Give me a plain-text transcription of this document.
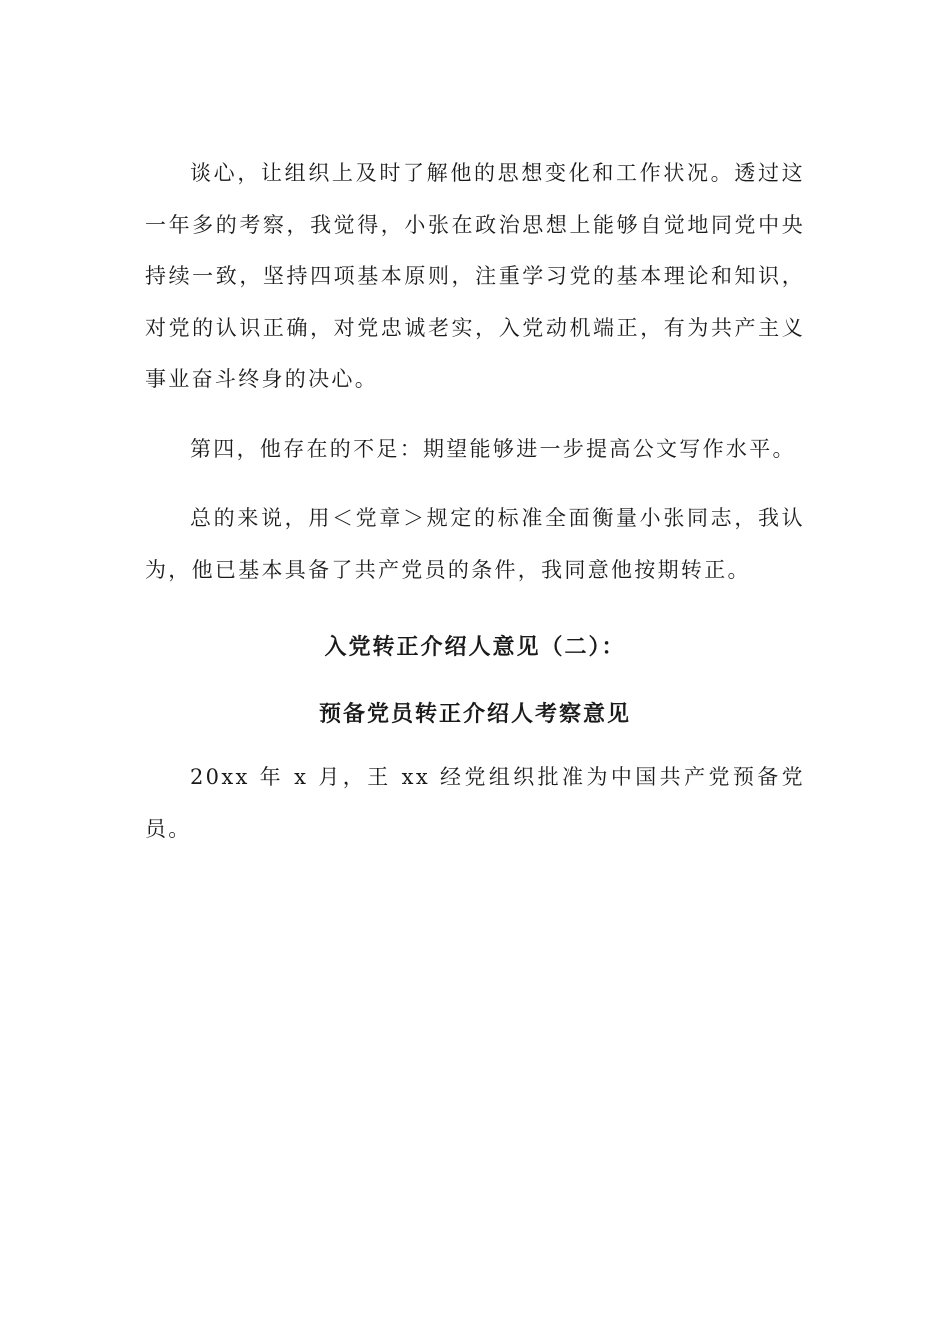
谈心，让组织上及时了解他的思想变化和工作状况。透过这一年多的考察，我觉得，小张在政治思想上能够自觉地同党中央持续一致，坚持四项基本原则，注重学习党的基本理论和知识，对党的认识正确，对党忠诚老实，入党动机端正，有为共产主义事业奋斗终身的决心。

第四，他存在的不足：期望能够进一步提高公文写作水平。

总的来说，用＜党章＞规定的标准全面衡量小张同志，我认为，他已基本具备了共产党员的条件，我同意他按期转正。

入党转正介绍人意见（二）：
预备党员转正介绍人考察意见

20xx 年 x 月，王 xx 经党组织批准为中国共产党预备党员。
